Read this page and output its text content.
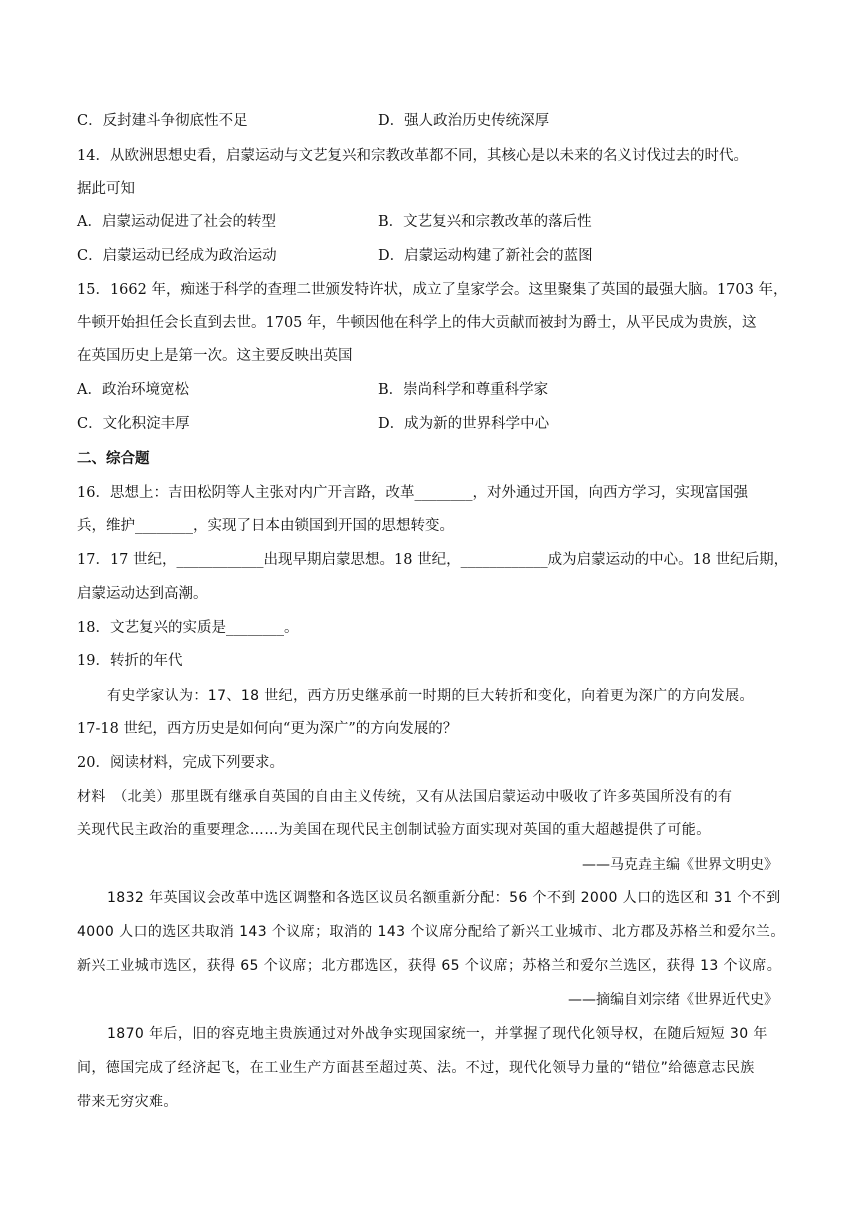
C．反封建斗争彻底性不足	D．强人政治历史传统深厚
14．从欧洲思想史看，启蒙运动与文艺复兴和宗教改革都不同，其核心是以未来的名义讨伐过去的时代。
据此可知
A．启蒙运动促进了社会的转型	B．文艺复兴和宗教改革的落后性
C．启蒙运动已经成为政治运动	D．启蒙运动构建了新社会的蓝图
15．1662 年，痴迷于科学的查理二世颁发特许状，成立了皇家学会。这里聚集了英国的最强大脑。1703 年，
牛顿开始担任会长直到去世。1705 年，牛顿因他在科学上的伟大贡献而被封为爵士，从平民成为贵族，这
在英国历史上是第一次。这主要反映出英国
A．政治环境宽松	B．崇尚科学和尊重科学家
C．文化积淀丰厚	D．成为新的世界科学中心
二、综合题
16．思想上：吉田松阴等人主张对内广开言路，改革________，对外通过开国，向西方学习，实现富国强
兵，维护________，实现了日本由锁国到开国的思想转变。
17．17 世纪，____________出现早期启蒙思想。18 世纪，____________成为启蒙运动的中心。18 世纪后期，
启蒙运动达到高潮。
18．文艺复兴的实质是________。
19．转折的年代
有史学家认为：17、18 世纪，西方历史继承前一时期的巨大转折和变化，向着更为深广的方向发展。
17-18 世纪，西方历史是如何向“更为深广”的方向发展的？
20．阅读材料，完成下列要求。
材料　（北美）那里既有继承自英国的自由主义传统，又有从法国启蒙运动中吸收了许多英国所没有的有
关现代民主政治的重要理念……为美国在现代民主创制试验方面实现对英国的重大超越提供了可能。
——马克垚主编《世界文明史》
1832 年英国议会改革中选区调整和各选区议员名额重新分配：56 个不到 2000 人口的选区和 31 个不到
4000 人口的选区共取消 143 个议席；取消的 143 个议席分配给了新兴工业城市、北方郡及苏格兰和爱尔兰。
新兴工业城市选区，获得 65 个议席；北方郡选区，获得 65 个议席；苏格兰和爱尔兰选区，获得 13 个议席。
——摘编自刘宗绪《世界近代史》
1870 年后，旧的容克地主贵族通过对外战争实现国家统一，并掌握了现代化领导权，在随后短短 30 年
间，德国完成了经济起飞，在工业生产方面甚至超过英、法。不过，现代化领导力量的“错位”给德意志民族
带来无穷灾难。
